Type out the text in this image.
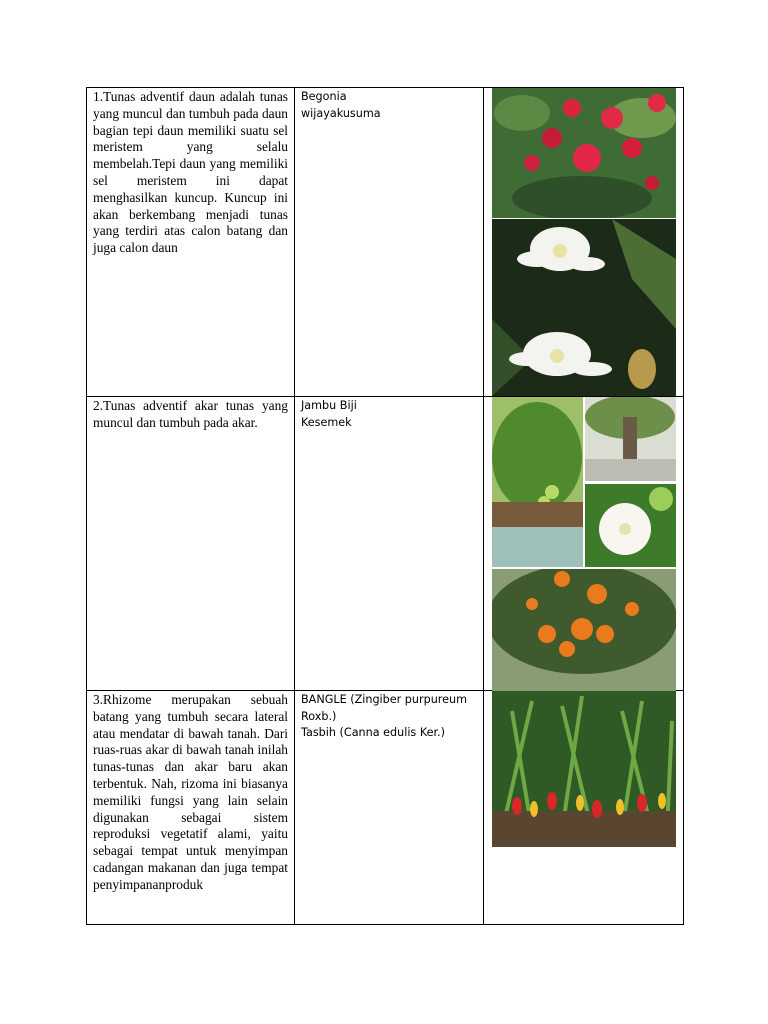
1.Tunas adventif daun adalah tunas yang muncul dan tumbuh pada daun bagian tepi daun memiliki suatu sel meristem yang selalu membelah.Tepi daun yang memiliki sel meristem ini dapat menghasilkan kuncup. Kuncup ini akan berkembang menjadi tunas yang terdiri atas calon batang dan juga calon daun	Begonia
wijayakusuma

2.Tunas adventif akar tunas yang muncul dan tumbuh pada akar.	Jambu Biji
Kesemek

3.Rhizome merupakan sebuah batang yang tumbuh secara lateral atau mendatar di bawah tanah. Dari ruas-ruas akar di bawah tanah inilah tunas-tunas dan akar baru akan terbentuk. Nah, rizoma ini biasanya memiliki fungsi yang lain selain digunakan sebagai sistem reproduksi vegetatif alami, yaitu sebagai tempat untuk menyimpan cadangan makanan dan juga tempat penyimpananproduk	BANGLE (Zingiber purpureum Roxb.)
Tasbih (Canna edulis Ker.)
